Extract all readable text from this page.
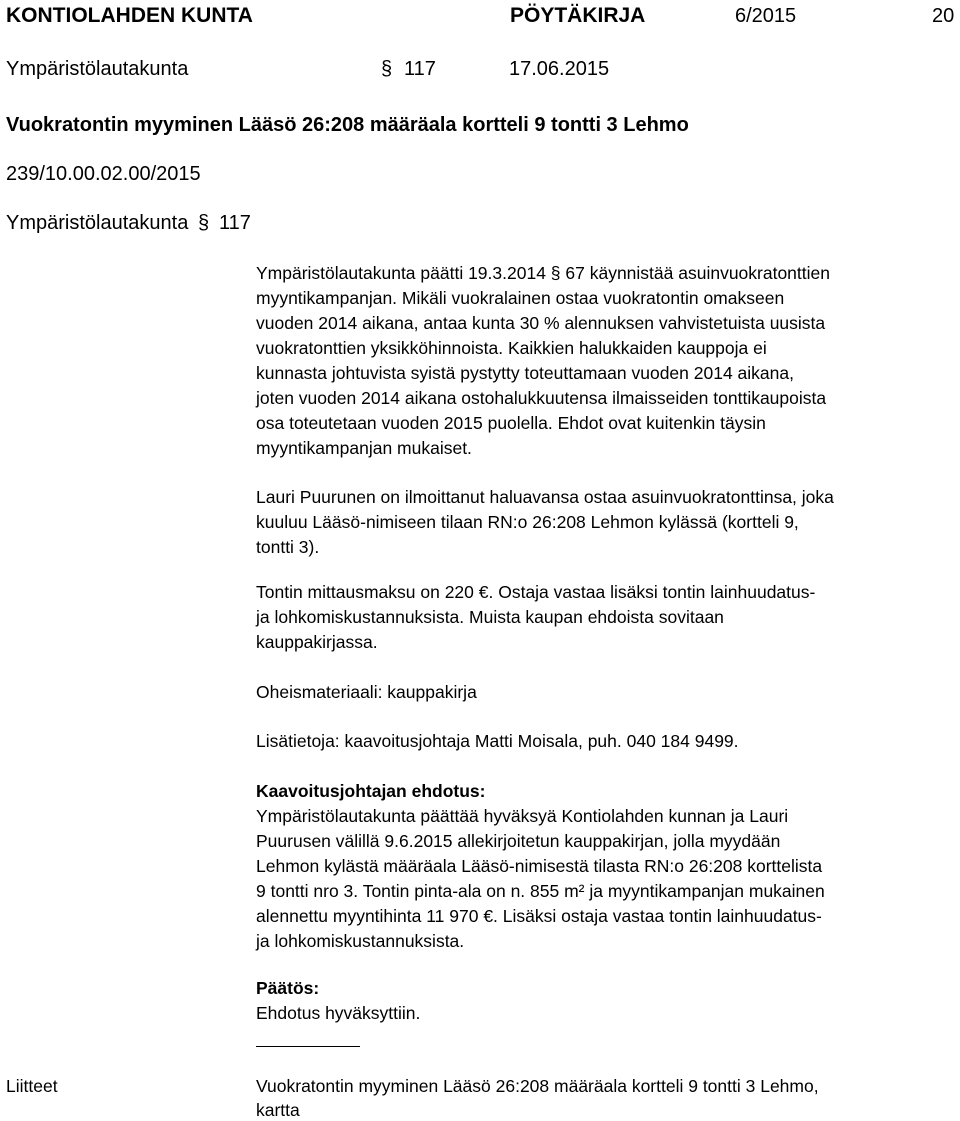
KONTIOLAHDEN KUNTA	PÖYTÄKIRJA	6/2015	20
Ympäristölautakunta	§ 117	17.06.2015
Vuokratontin myyminen Lääsö 26:208 määräala kortteli 9 tontti 3 Lehmo
239/10.00.02.00/2015
Ympäristölautakunta § 117
Ympäristölautakunta päätti 19.3.2014 § 67 käynnistää asuinvuokratonttien
myyntikampanjan. Mikäli vuokralainen ostaa vuokratontin omakseen
vuoden 2014 aikana, antaa kunta 30 % alennuksen vahvistetuista uusista
vuokratonttien yksikköhinnoista. Kaikkien halukkaiden kauppoja ei
kunnasta johtuvista syistä pystytty toteuttamaan vuoden 2014 aikana,
joten vuoden 2014 aikana ostohalukkuutensa ilmaisseiden tonttikaupoista
osa toteutetaan vuoden 2015 puolella. Ehdot ovat kuitenkin täysin
myyntikampanjan mukaiset.
Lauri Puurunen on ilmoittanut haluavansa ostaa asuinvuokratonttinsa, joka
kuuluu Lääsö-nimiseen tilaan RN:o 26:208 Lehmon kylässä (kortteli 9,
tontti 3).
Tontin mittausmaksu on 220 €. Ostaja vastaa lisäksi tontin lainhuudatus-
ja lohkomiskustannuksista. Muista kaupan ehdoista sovitaan
kauppakirjassa.
Oheismateriaali: kauppakirja
Lisätietoja: kaavoitusjohtaja Matti Moisala, puh. 040 184 9499.
Kaavoitusjohtajan ehdotus:
Ympäristölautakunta päättää hyväksyä Kontiolahden kunnan ja Lauri
Puurusen välillä 9.6.2015 allekirjoitetun kauppakirjan, jolla myydään
Lehmon kylästä määräala Lääsö-nimisestä tilasta RN:o 26:208 korttelista
9 tontti nro 3. Tontin pinta-ala on n. 855 m² ja myyntikampanjan mukainen
alennettu myyntihinta 11 970 €. Lisäksi ostaja vastaa tontin lainhuudatus-
ja lohkomiskustannuksista.
Päätös:
Ehdotus hyväksyttiin.
Liitteet	Vuokratontin myyminen Lääsö 26:208 määräala kortteli 9 tontti 3 Lehmo,
kartta
